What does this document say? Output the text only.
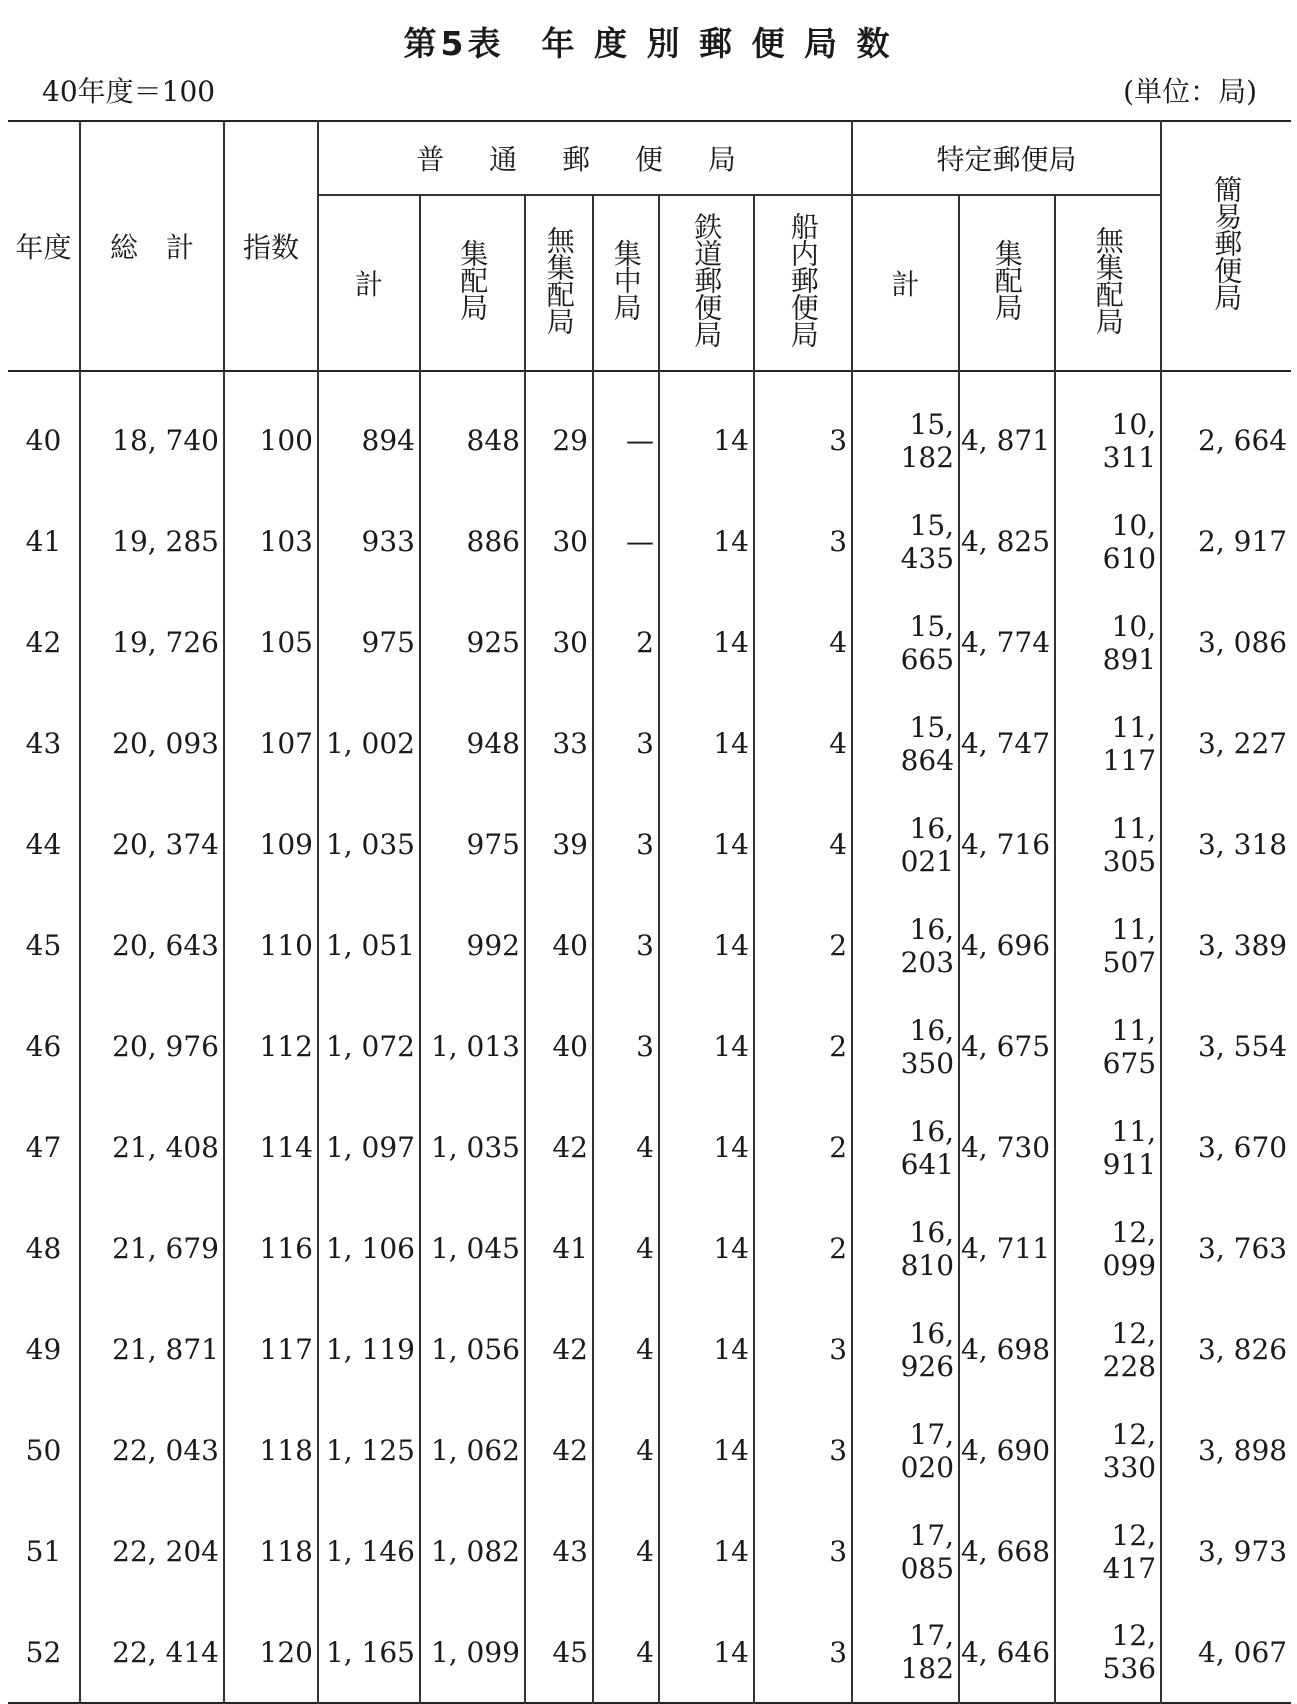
第5表　年 度 別 郵 便 局 数
40年度＝100	(単位：局)
年度	総　計	指数	普 通 郵 便 局						特定郵便局			簡易郵便局
			計	集配局	無集配局	集中局	鉄道郵便局	船内郵便局	計	集配局	無集配局	
40	18, 740	100	894	848	29	—	14	3	15, 182	4, 871	10, 311	2, 664
41	19, 285	103	933	886	30	—	14	3	15, 435	4, 825	10, 610	2, 917
42	19, 726	105	975	925	30	2	14	4	15, 665	4, 774	10, 891	3, 086
43	20, 093	107	1, 002	948	33	3	14	4	15, 864	4, 747	11, 117	3, 227
44	20, 374	109	1, 035	975	39	3	14	4	16, 021	4, 716	11, 305	3, 318
45	20, 643	110	1, 051	992	40	3	14	2	16, 203	4, 696	11, 507	3, 389
46	20, 976	112	1, 072	1, 013	40	3	14	2	16, 350	4, 675	11, 675	3, 554
47	21, 408	114	1, 097	1, 035	42	4	14	2	16, 641	4, 730	11, 911	3, 670
48	21, 679	116	1, 106	1, 045	41	4	14	2	16, 810	4, 711	12, 099	3, 763
49	21, 871	117	1, 119	1, 056	42	4	14	3	16, 926	4, 698	12, 228	3, 826
50	22, 043	118	1, 125	1, 062	42	4	14	3	17, 020	4, 690	12, 330	3, 898
51	22, 204	118	1, 146	1, 082	43	4	14	3	17, 085	4, 668	12, 417	3, 973
52	22, 414	120	1, 165	1, 099	45	4	14	3	17, 182	4, 646	12, 536	4, 067
